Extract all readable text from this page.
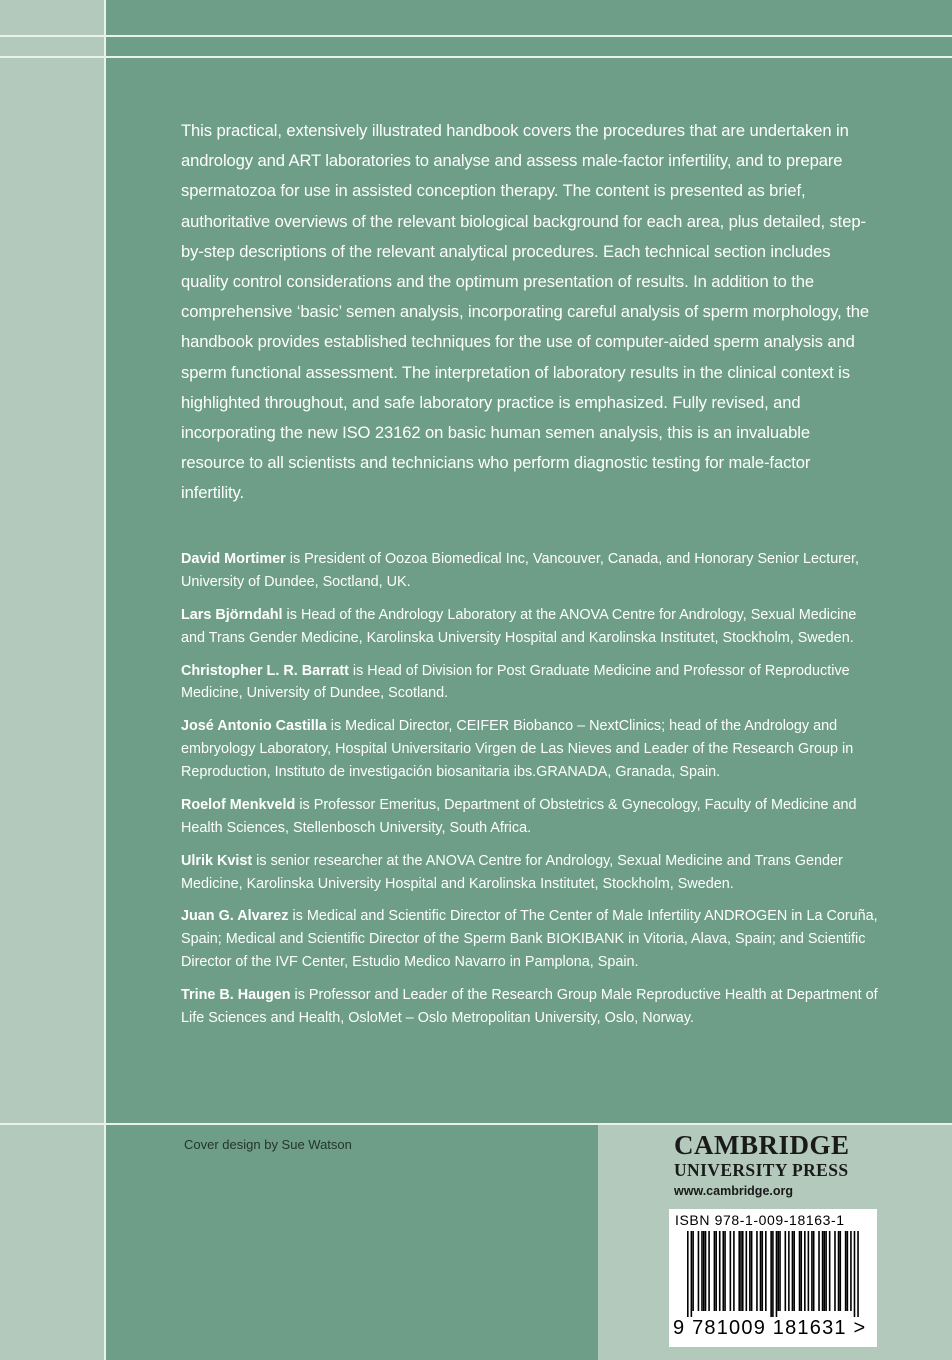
This practical, extensively illustrated handbook covers the procedures that are undertaken in andrology and ART laboratories to analyse and assess male-factor infertility, and to prepare spermatozoa for use in assisted conception therapy. The content is presented as brief, authoritative overviews of the relevant biological background for each area, plus detailed, step-by-step descriptions of the relevant analytical procedures. Each technical section includes quality control considerations and the optimum presentation of results. In addition to the comprehensive ‘basic’ semen analysis, incorporating careful analysis of sperm morphology, the handbook provides established techniques for the use of computer-aided sperm analysis and sperm functional assessment. The interpretation of laboratory results in the clinical context is highlighted throughout, and safe laboratory practice is emphasized. Fully revised, and incorporating the new ISO 23162 on basic human semen analysis, this is an invaluable resource to all scientists and technicians who perform diagnostic testing for male-factor infertility.

David Mortimer is President of Oozoa Biomedical Inc, Vancouver, Canada, and Honorary Senior Lecturer, University of Dundee, Soctland, UK.

Lars Björndahl is Head of the Andrology Laboratory at the ANOVA Centre for Andrology, Sexual Medicine and Trans Gender Medicine, Karolinska University Hospital and Karolinska Institutet, Stockholm, Sweden.

Christopher L. R. Barratt is Head of Division for Post Graduate Medicine and Professor of Reproductive Medicine, University of Dundee, Scotland.

José Antonio Castilla is Medical Director, CEIFER Biobanco – NextClinics; head of the Andrology and embryology Laboratory, Hospital Universitario Virgen de Las Nieves and Leader of the Research Group in Reproduction, Instituto de investigación biosanitaria ibs.GRANADA, Granada, Spain.

Roelof Menkveld is Professor Emeritus, Department of Obstetrics & Gynecology, Faculty of Medicine and Health Sciences, Stellenbosch University, South Africa.

Ulrik Kvist is senior researcher at the ANOVA Centre for Andrology, Sexual Medicine and Trans Gender Medicine, Karolinska University Hospital and Karolinska Institutet, Stockholm, Sweden.

Juan G. Alvarez is Medical and Scientific Director of The Center of Male Infertility ANDROGEN in La Coruña, Spain; Medical and Scientific Director of the Sperm Bank BIOKIBANK in Vitoria, Alava, Spain; and Scientific Director of the IVF Center, Estudio Medico Navarro in Pamplona, Spain.

Trine B. Haugen is Professor and Leader of the Research Group Male Reproductive Health at Department of Life Sciences and Health, OsloMet – Oslo Metropolitan University, Oslo, Norway.

Cover design by Sue Watson	CAMBRIDGE
UNIVERSITY PRESS
www.cambridge.org
ISBN 978-1-009-18163-1
9 781009 181631 >
